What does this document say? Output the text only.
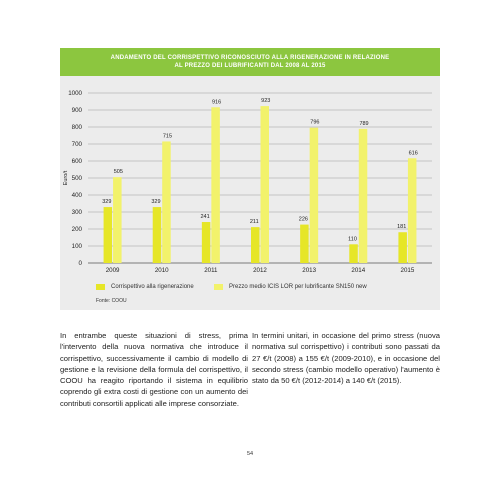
0
100
200
300
400
500
600
700
800
900
1000
Euro/t
329
505
2009
329
715
2010
241
916
2011
211
923
2012
226
796
2013
110
789
2014
181
616
2015
ANDAMENTO DEL CORRISPETTIVO RICONOSCIUTO ALLA RIGENERAZIONE IN RELAZIONE
AL PREZZO DEI LUBRIFICANTI DAL 2008 AL 2015
Corrispettivo alla rigenerazione	Prezzo medio ICIS LOR per lubrificante SN150 new
Fonte: COOU
In entrambe queste situazioni di stress, prima l'intervento della nuova normativa che introduce il corrispettivo, successivamente il cambio di modello di gestione e la revisione della formula del corrispettivo, il COOU ha reagito riportando il sistema in equilibrio coprendo gli extra costi di gestione con un aumento dei contributi consortili applicati alle imprese consorziate.
In termini unitari, in occasione del primo stress (nuova normativa sul corrispettivo) i contributi sono passati da 27 €/t (2008) a 155 €/t (2009-2010), e in occasione del secondo stress (cambio modello operativo) l'aumento è stato da 50 €/t (2012-2014) a 140 €/t (2015).
54
